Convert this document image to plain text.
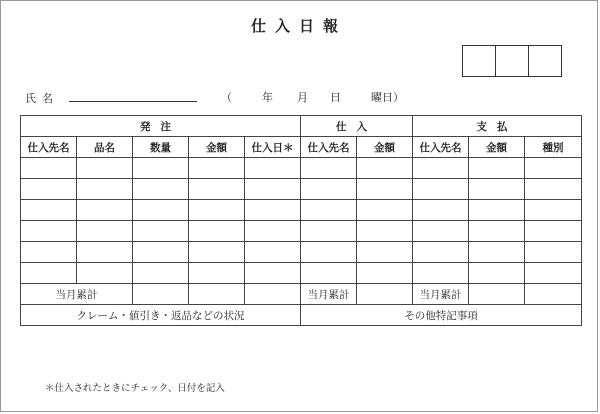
仕入日報
氏名	（	年 月 日	曜日）
発注					仕入		支払		
仕入先名	品名	数量	金額	仕入日＊	仕入先名	金額	仕入先名	金額	種別

当月累計					当月累計		当月累計		
クレーム・値引き・返品などの状況					その他特記事項				
＊仕入されたときにチェック、日付を記入
